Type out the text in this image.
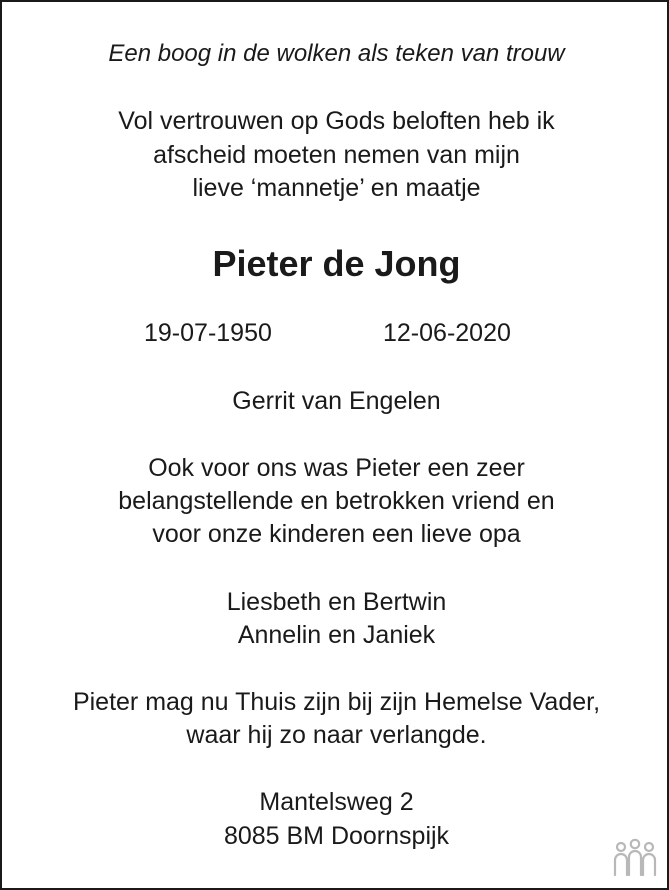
Een boog in de wolken als teken van trouw
Vol vertrouwen op Gods beloften heb ik
afscheid moeten nemen van mijn
lieve ‘mannetje’ en maatje
Pieter de Jong
19-07-1950	12-06-2020
Gerrit van Engelen
Ook voor ons was Pieter een zeer
belangstellende en betrokken vriend en
voor onze kinderen een lieve opa
Liesbeth en Bertwin
Annelin en Janiek
Pieter mag nu Thuis zijn bij zijn Hemelse Vader,
waar hij zo naar verlangde.
Mantelsweg 2
8085 BM Doornspijk
